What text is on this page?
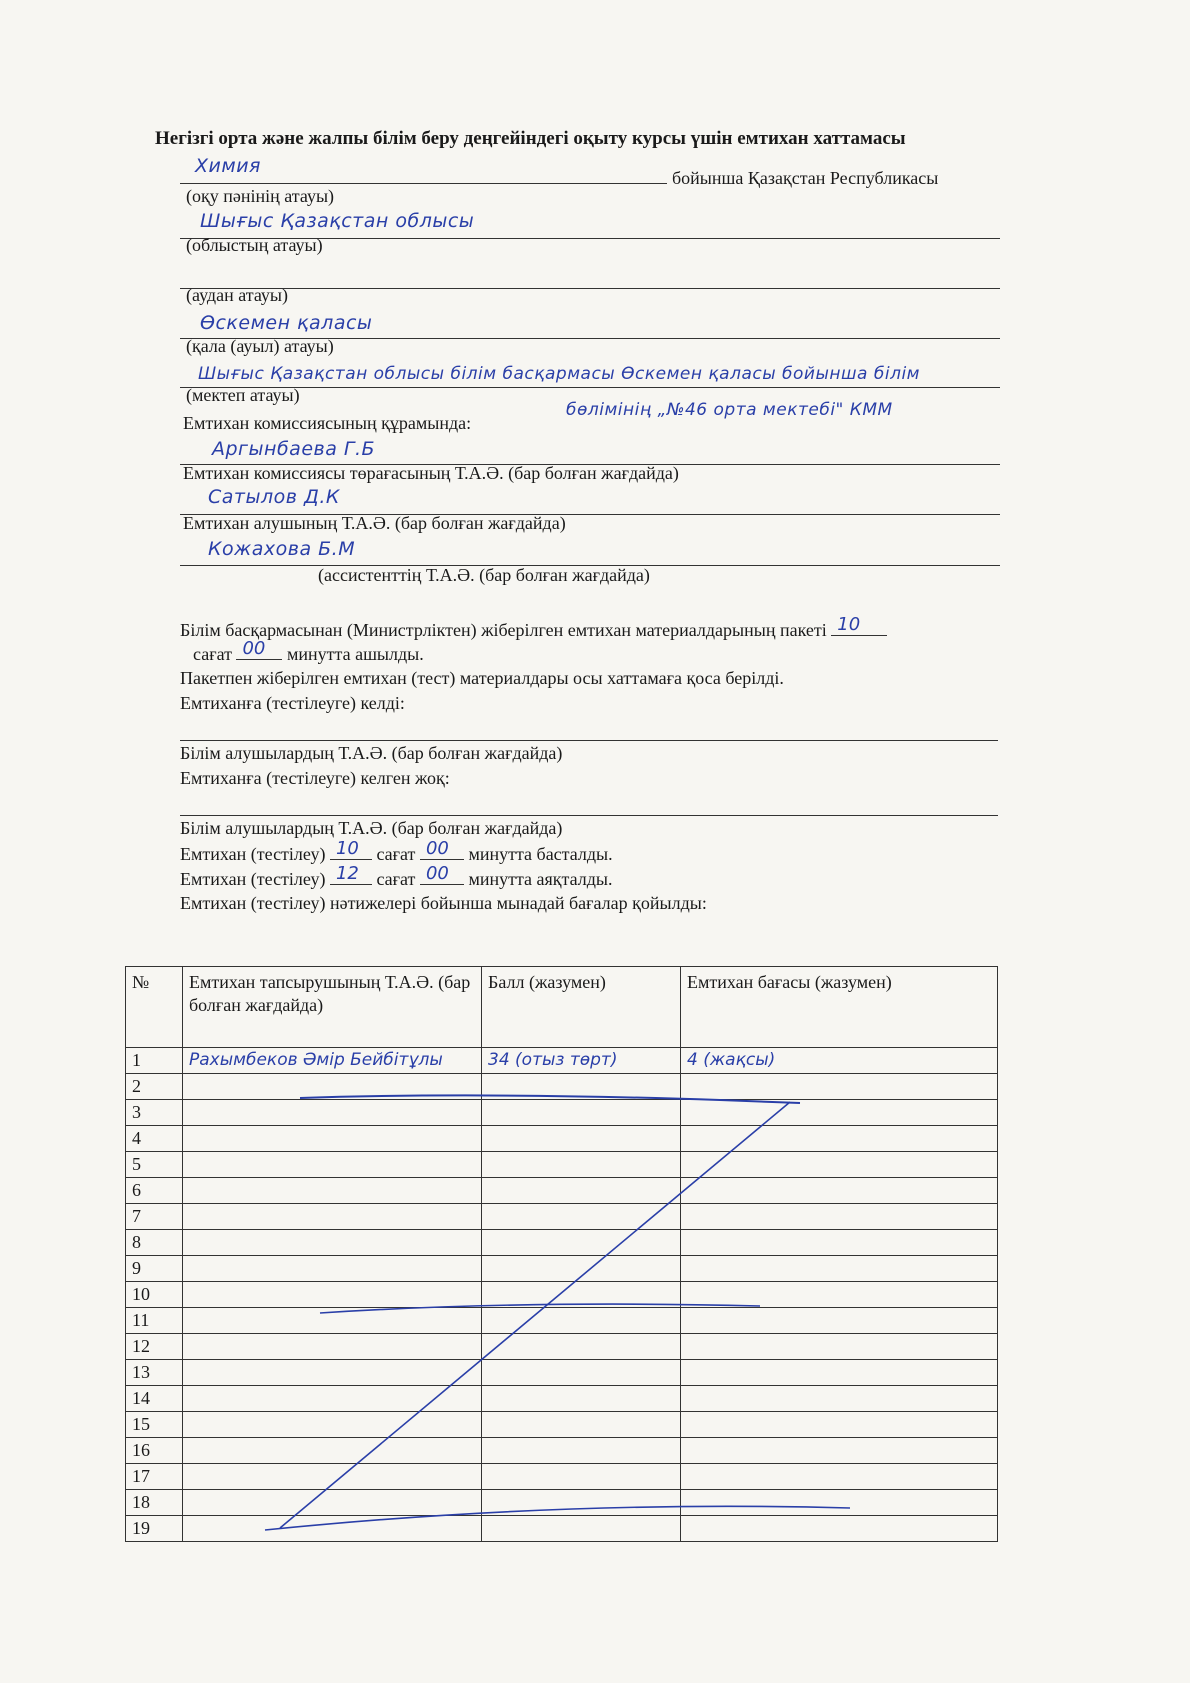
Негізгі орта және жалпы білім беру деңгейіндегі оқыту курсы үшін емтихан хаттамасы
Химия
бойынша Қазақстан Республикасы
(оқу пәнінің атауы)
Шығыс Қазақстан облысы
(облыстың атауы)
(аудан атауы)
Өскемен қаласы
(қала (ауыл) атауы)
Шығыс Қазақстан облысы білім басқармасы Өскемен қаласы бойынша білім
бөлімінің „№46 орта мектебі" КММ
(мектеп атауы)
Емтихан комиссиясының құрамында:
Аргынбаева Г.Б
Емтихан комиссиясы төрағасының Т.А.Ә. (бар болған жағдайда)
Сатылов Д.К
Емтихан алушының Т.А.Ә. (бар болған жағдайда)
Кожахова Б.М
(ассистенттің Т.А.Ә. (бар болған жағдайда)
Білім басқармасынан (Министрліктен) жіберілген емтихан материалдарының пакеті 10
сағат 00 минутта ашылды.
Пакетпен жіберілген емтихан (тест) материалдары осы хаттамаға қоса берілді.
Емтиханға (тестілеуге) келді:
Білім алушылардың Т.А.Ә. (бар болған жағдайда)
Емтиханға (тестілеуге) келген жоқ:
Білім алушылардың Т.А.Ә. (бар болған жағдайда)
Емтихан (тестілеу) 10 сағат 00 минутта басталды.
Емтихан (тестілеу) 12 сағат 00 минутта аяқталды.
Емтихан (тестілеу) нәтижелері бойынша мынадай бағалар қойылды:
№	Емтихан тапсырушының Т.А.Ә. (бар болған жағдайда)	Балл (жазумен)	Емтихан бағасы (жазумен)
1	Рахымбеков Әмір Бейбітұлы	34 (отыз төрт)	4 (жақсы)
2			
3			
4			
5			
6			
7			
8			
9			
10			
11			
12			
13			
14			
15			
16			
17			
18			
19			
